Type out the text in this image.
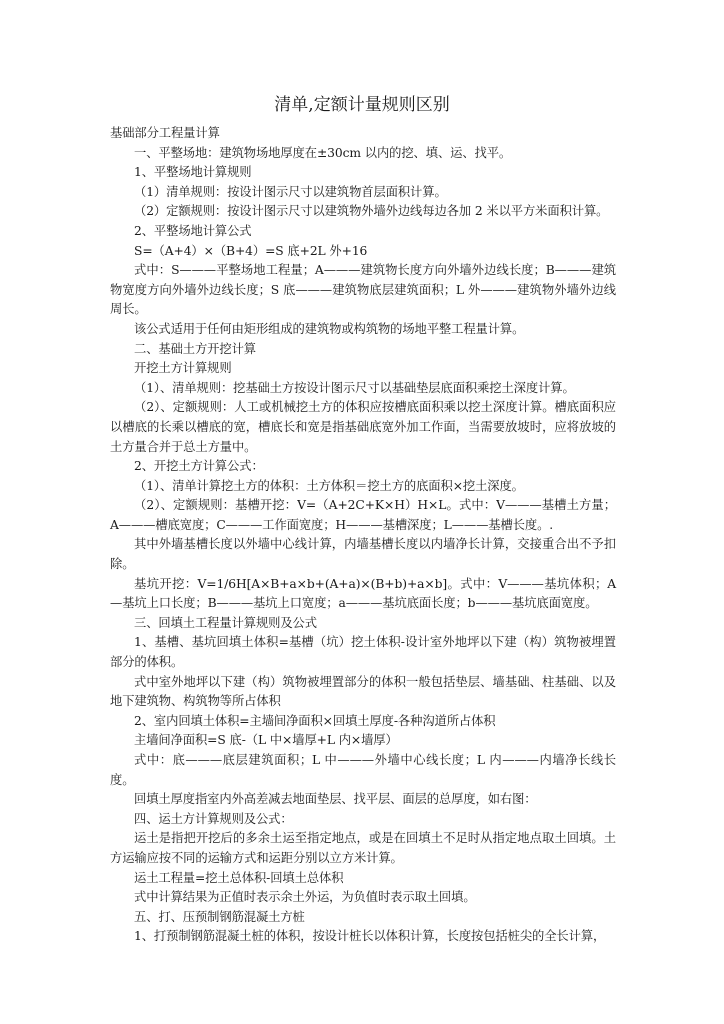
清单,定额计量规则区别

基础部分工程量计算

一、平整场地：建筑物场地厚度在±30cm 以内的挖、填、运、找平。

1、平整场地计算规则

（1）清单规则：按设计图示尺寸以建筑物首层面积计算。

（2）定额规则：按设计图示尺寸以建筑物外墙外边线每边各加 2 米以平方米面积计算。

2、平整场地计算公式

S=（A+4）×（B+4）=S 底+2L 外+16

式中：S———平整场地工程量；A———建筑物长度方向外墙外边线长度；B———建筑物宽度方向外墙外边线长度；S 底———建筑物底层建筑面积；L 外———建筑物外墙外边线周长。

该公式适用于任何由矩形组成的建筑物或构筑物的场地平整工程量计算。

二、基础土方开挖计算

开挖土方计算规则

（1）、清单规则：挖基础土方按设计图示尺寸以基础垫层底面积乘挖土深度计算。

（2）、定额规则：人工或机械挖土方的体积应按槽底面积乘以挖土深度计算。槽底面积应以槽底的长乘以槽底的宽，槽底长和宽是指基础底宽外加工作面，当需要放坡时，应将放坡的土方量合并于总土方量中。

2、开挖土方计算公式：

（1）、清单计算挖土方的体积：土方体积＝挖土方的底面积×挖土深度。

（2）、定额规则：基槽开挖：V=（A+2C+K×H）H×L。式中：V———基槽土方量；A———槽底宽度；C———工作面宽度；H———基槽深度；L———基槽长度。.

其中外墙基槽长度以外墙中心线计算，内墙基槽长度以内墙净长计算，交接重合出不予扣除。

基坑开挖：V=1/6H[A×B+a×b+(A+a)×(B+b)+a×b]。式中：V———基坑体积；A—基坑上口长度；B———基坑上口宽度；a———基坑底面长度；b———基坑底面宽度。

三、回填土工程量计算规则及公式

1、基槽、基坑回填土体积=基槽（坑）挖土体积-设计室外地坪以下建（构）筑物被埋置部分的体积。

式中室外地坪以下建（构）筑物被埋置部分的体积一般包括垫层、墙基础、柱基础、以及地下建筑物、构筑物等所占体积

2、室内回填土体积=主墙间净面积×回填土厚度-各种沟道所占体积

主墙间净面积=S 底-（L 中×墙厚+L 内×墙厚）

式中：底———底层建筑面积；L 中———外墙中心线长度；L 内———内墙净长线长度。

回填土厚度指室内外高差减去地面垫层、找平层、面层的总厚度，如右图：

四、运土方计算规则及公式：

运土是指把开挖后的多余土运至指定地点，或是在回填土不足时从指定地点取土回填。土方运输应按不同的运输方式和运距分别以立方米计算。

运土工程量=挖土总体积-回填土总体积

式中计算结果为正值时表示余土外运，为负值时表示取土回填。

五、打、压预制钢筋混凝土方桩

1、打预制钢筋混凝土桩的体积，按设计桩长以体积计算，长度按包括桩尖的全长计算，
